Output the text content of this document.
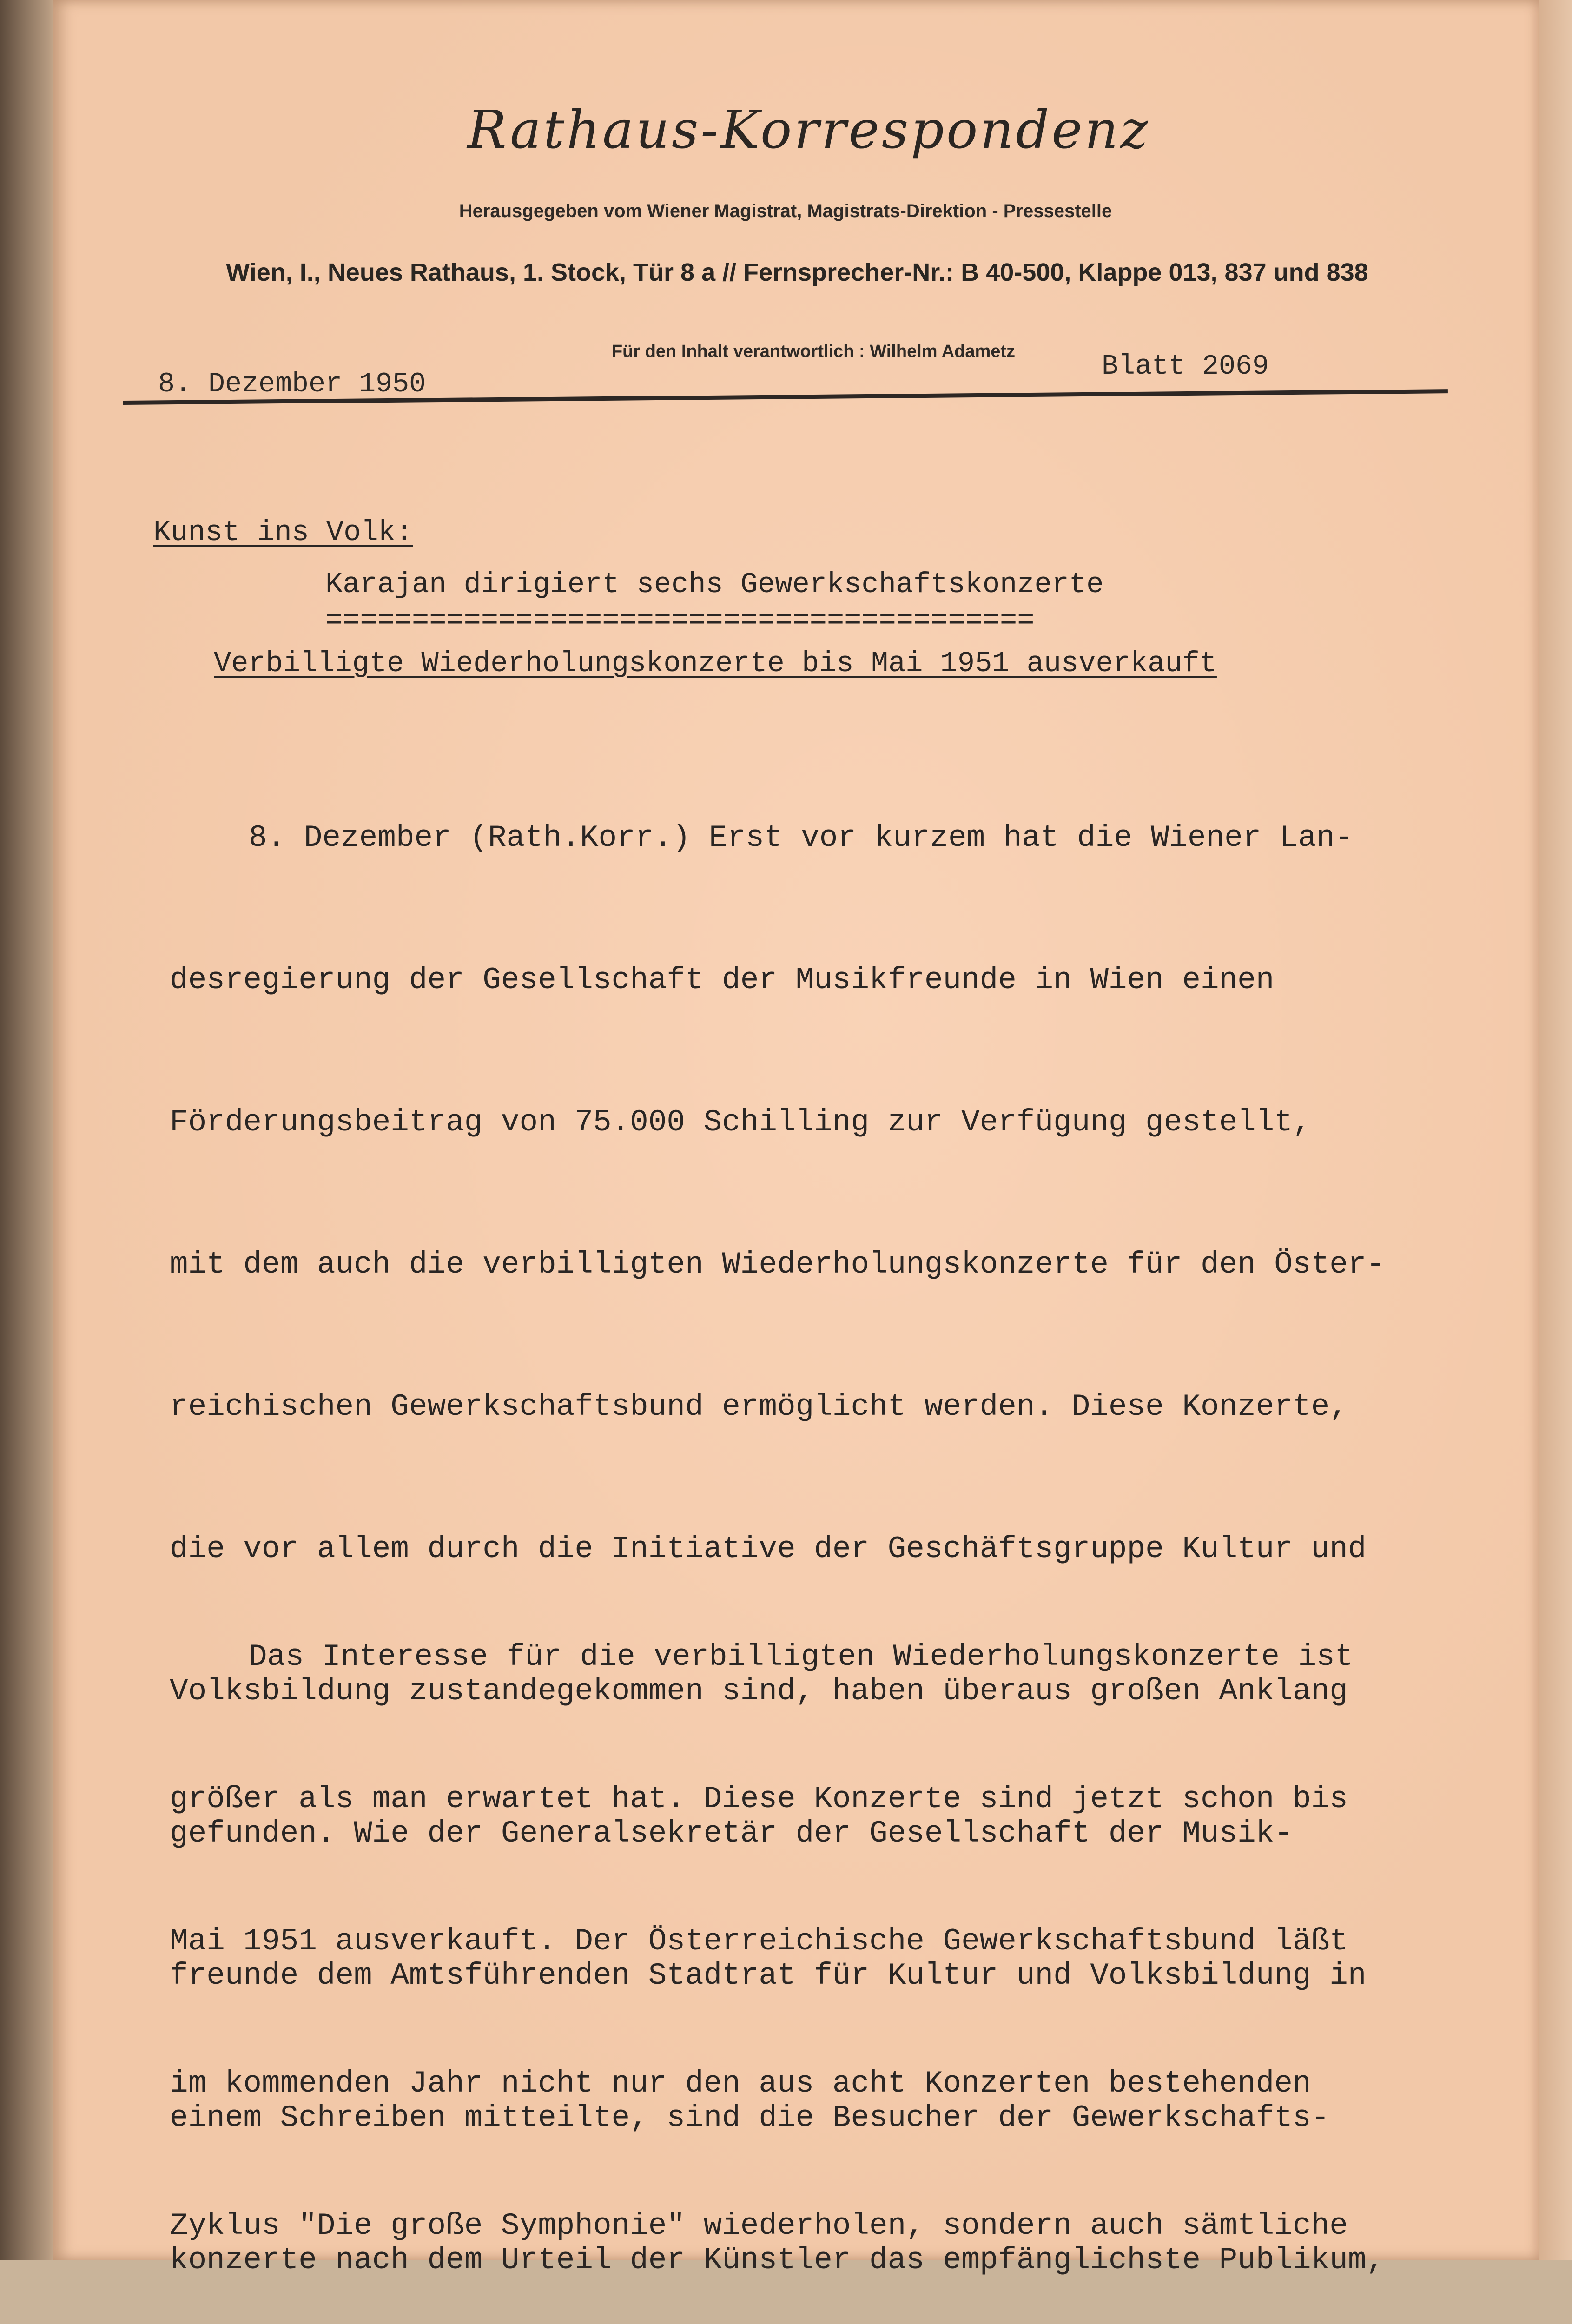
Rathaus-Korrespondenz
Herausgegeben vom Wiener Magistrat, Magistrats-Direktion - Pressestelle
Wien, I., Neues Rathaus, 1. Stock, Tür 8 a // Fernsprecher-Nr.: B 40-500, Klappe 013, 837 und 838
Für den Inhalt verantwortlich : Wilhelm Adametz
8. Dezember 1950
Blatt 2069
Kunst ins Volk:
Karajan dirigiert sechs Gewerkschaftskonzerte
=========================================
Verbilligte Wiederholungskonzerte bis Mai 1951 ausverkauft

8. Dezember (Rath.Korr.) Erst vor kurzem hat die Wiener Lan-

desregierung der Gesellschaft der Musikfreunde in Wien einen

Förderungsbeitrag von 75.000 Schilling zur Verfügung gestellt,

mit dem auch die verbilligten Wiederholungskonzerte für den Öster-

reichischen Gewerkschaftsbund ermöglicht werden. Diese Konzerte,

die vor allem durch die Initiative der Geschäftsgruppe Kultur und

Volksbildung zustandegekommen sind, haben überaus großen Anklang

gefunden. Wie der Generalsekretär der Gesellschaft der Musik-

freunde dem Amtsführenden Stadtrat für Kultur und Volksbildung in

einem Schreiben mitteilte, sind die Besucher der Gewerkschafts-

konzerte nach dem Urteil der Künstler das empfänglichste Publikum,

Das Interesse für die verbilligten Wiederholungskonzerte ist

größer als man erwartet hat. Diese Konzerte sind jetzt schon bis

Mai 1951 ausverkauft. Der Österreichische Gewerkschaftsbund läßt

im kommenden Jahr nicht nur den aus acht Konzerten bestehenden

Zyklus "Die große Symphonie" wiederholen, sondern auch sämtliche
